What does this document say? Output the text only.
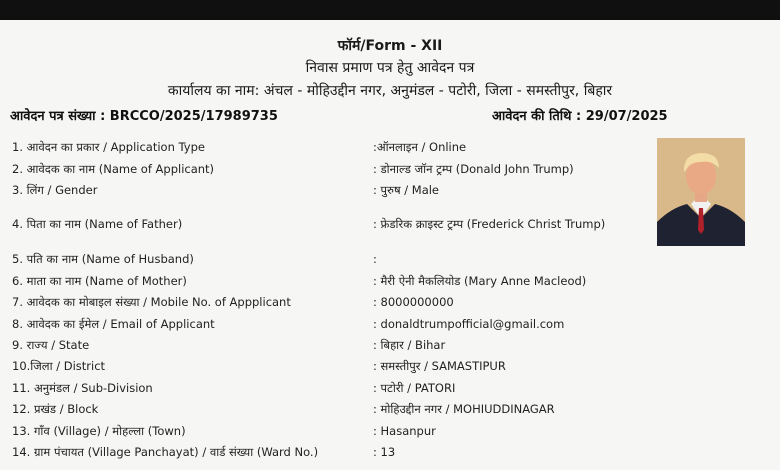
फॉर्म/Form - XII
निवास प्रमाण पत्र हेतु आवेदन पत्र
कार्यालय का नाम: अंचल - मोहिउद्दीन नगर, अनुमंडल - पटोरी, जिला - समस्तीपुर, बिहार
आवेदन पत्र संख्या : BRCCO/2025/17989735	आवेदन की तिथि : 29/07/2025
1. आवेदन का प्रकार / Application Type	:ऑनलाइन / Online
2. आवेदक का नाम (Name of Applicant)	: डोनाल्ड जॉन ट्रम्प (Donald John Trump)
3. लिंग / Gender	: पुरुष / Male
4. पिता का नाम (Name of Father)	: फ्रेडरिक क्राइस्ट ट्रम्प (Frederick Christ Trump)
5. पति का नाम (Name of Husband)	:
6. माता का नाम (Name of Mother)	: मैरी ऐनी मैकलियोड (Mary Anne Macleod)
7. आवेदक का मोबाइल संख्या / Mobile No. of Appplicant	: 8000000000
8. आवेदक का ईमेल / Email of Applicant	: donaldtrumpofficial@gmail.com
9. राज्य / State	: बिहार / Bihar
10.जिला / District	: समस्तीपुर / SAMASTIPUR
11. अनुमंडल / Sub-Division	: पटोरी / PATORI
12. प्रखंड / Block	: मोहिउद्दीन नगर / MOHIUDDINAGAR
13. गाँव (Village) / मोहल्ला (Town)	: Hasanpur
14. ग्राम पंचायत (Village Panchayat) / वार्ड संख्या (Ward No.)	: 13
